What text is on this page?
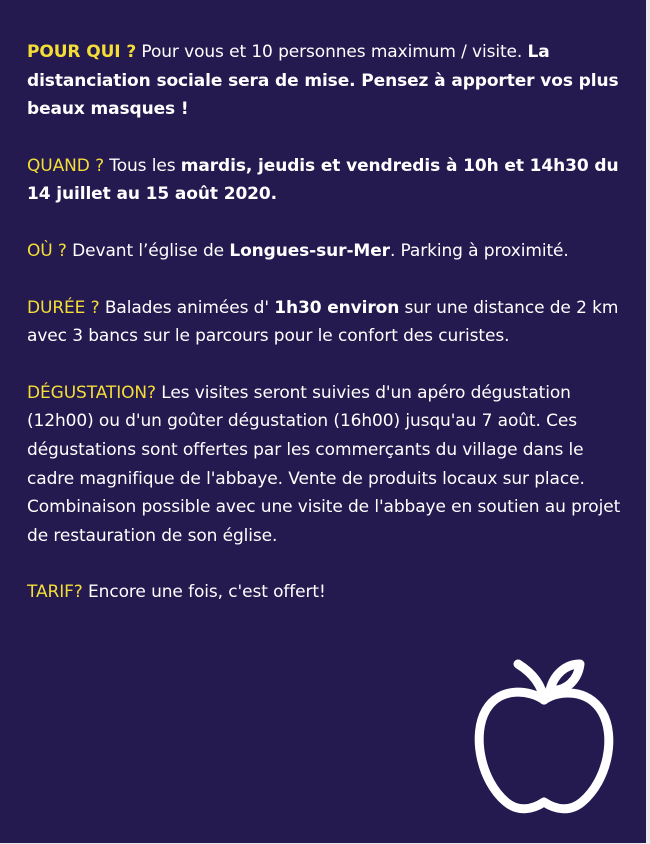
POUR QUI ? Pour vous et 10 personnes maximum / visite. La distanciation sociale sera de mise. Pensez à apporter vos plus beaux masques !

QUAND ? Tous les mardis, jeudis et vendredis à 10h et 14h30 du 14 juillet au 15 août 2020.

OÙ ? Devant l’église de Longues-sur-Mer. Parking à proximité.

DURÉE ? Balades animées d' 1h30 environ sur une distance de 2 km avec 3 bancs sur le parcours pour le confort des curistes.

DÉGUSTATION? Les visites seront suivies d'un apéro dégustation (12h00) ou d'un goûter dégustation (16h00) jusqu'au 7 août. Ces dégustations sont offertes par les commerçants du village dans le cadre magnifique de l'abbaye. Vente de produits locaux sur place. Combinaison possible avec une visite de l'abbaye en soutien au projet de restauration de son église.

TARIF? Encore une fois, c'est offert!
